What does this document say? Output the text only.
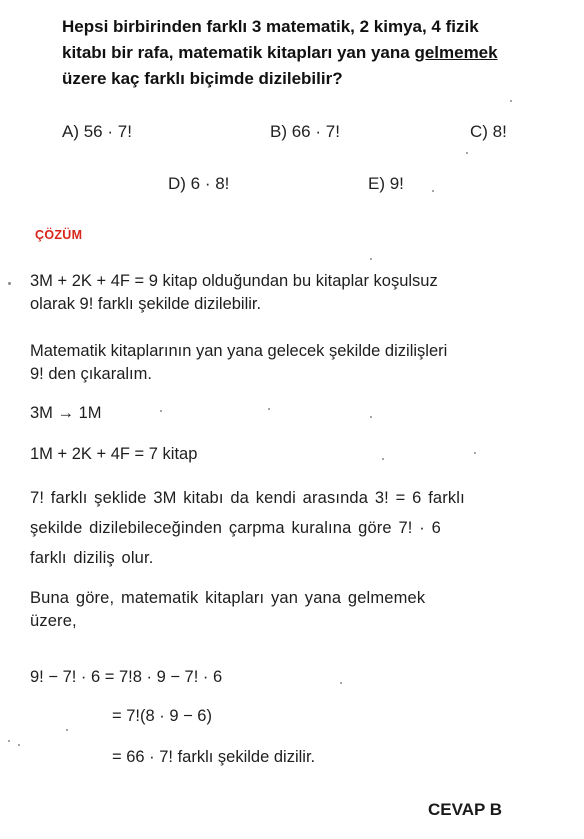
Hepsi birbirinden farklı 3 matematik, 2 kimya, 4 fizik
kitabı bir rafa, matematik kitapları yan yana gelmemek
üzere kaç farklı biçimde dizilebilir?
A) 56 · 7!	B) 66 · 7!	C) 8!
D) 6 · 8!	E) 9!
ÇÖZÜM
3M + 2K + 4F = 9 kitap olduğundan bu kitaplar koşulsuz
olarak 9! farklı şekilde dizilebilir.
Matematik kitaplarının yan yana gelecek şekilde dizilişleri
9! den çıkaralım.
3M → 1M
1M + 2K + 4F = 7 kitap
7! farklı şeklide 3M kitabı da kendi arasında 3! = 6 farklı
şekilde dizilebileceğinden çarpma kuralına göre 7! · 6
farklı diziliş olur.
Buna göre, matematik kitapları yan yana gelmemek
üzere,
9! − 7! · 6 = 7!8 · 9 − 7! · 6
= 7!(8 · 9 − 6)
= 66 · 7! farklı şekilde dizilir.
CEVAP B
